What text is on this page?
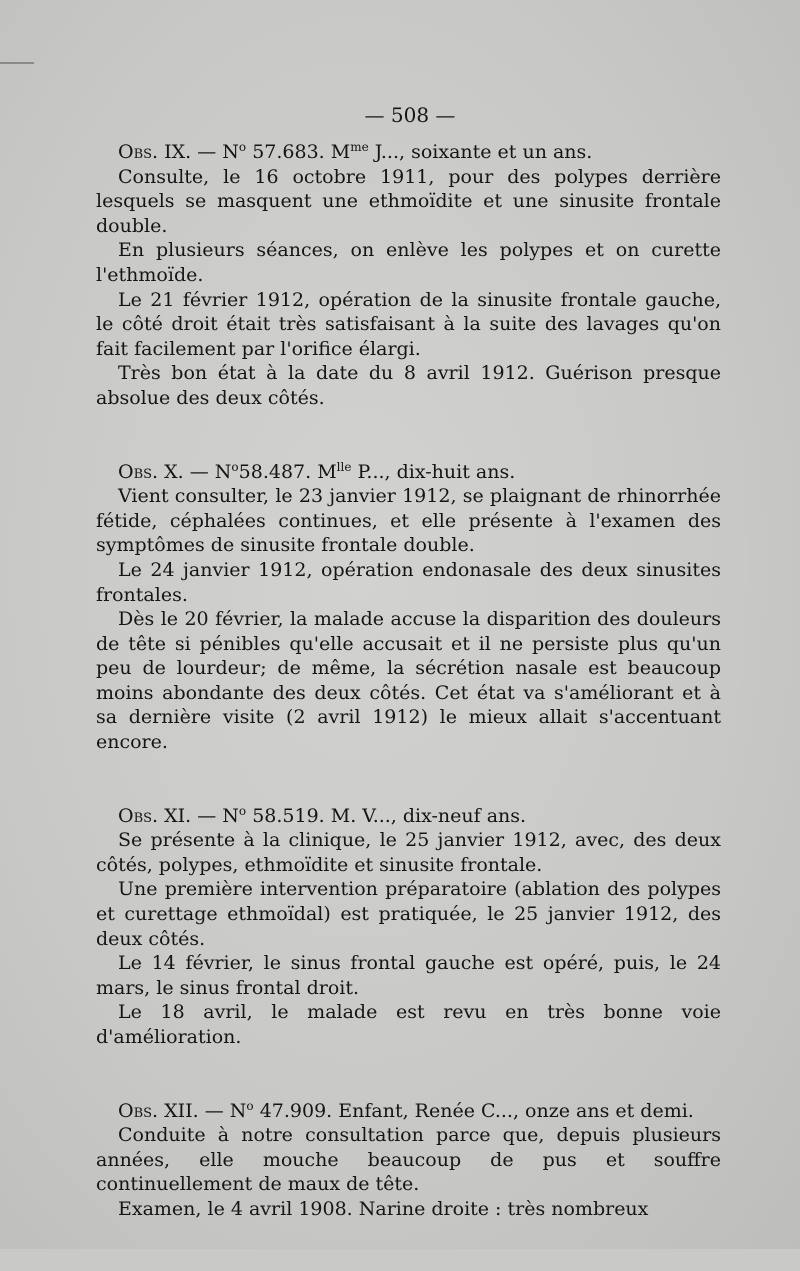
— 508 —

Obs. IX. — $N^o$ 57.683. $M^{me}$ J..., soixante et un ans.

Consulte, le 16 octobre 1911, pour des polypes derrière lesquels se masquent une ethmoïdite et une sinusite frontale double.

En plusieurs séances, on enlève les polypes et on curette l'ethmoïde.

Le 21 février 1912, opération de la sinusite frontale gauche, le côté droit était très satisfaisant à la suite des lavages qu'on fait facilement par l'orifice élargi.

Très bon état à la date du 8 avril 1912. Guérison presque absolue des deux côtés.

Obs. X. — $N^o58.487$. $M^{lle}$ P..., dix-huit ans.

Vient consulter, le 23 janvier 1912, se plaignant de rhinorrhée fétide, céphalées continues, et elle présente à l'examen des symptômes de sinusite frontale double.

Le 24 janvier 1912, opération endonasale des deux sinusites frontales.

Dès le 20 février, la malade accuse la disparition des douleurs de tête si pénibles qu'elle accusait et il ne persiste plus qu'un peu de lourdeur; de même, la sécrétion nasale est beaucoup moins abondante des deux côtés. Cet état va s'améliorant et à sa dernière visite (2 avril 1912) le mieux allait s'accentuant encore.

Obs. XI. — $N^o$ 58.519. M. V..., dix-neuf ans.

Se présente à la clinique, le 25 janvier 1912, avec, des deux côtés, polypes, ethmoïdite et sinusite frontale.

Une première intervention préparatoire (ablation des polypes et curettage ethmoïdal) est pratiquée, le 25 janvier 1912, des deux côtés.

Le 14 février, le sinus frontal gauche est opéré, puis, le 24 mars, le sinus frontal droit.

Le 18 avril, le malade est revu en très bonne voie d'amélioration.

Obs. XII. — $N^o$ 47.909. Enfant, Renée C..., onze ans et demi.

Conduite à notre consultation parce que, depuis plusieurs années, elle mouche beaucoup de pus et souffre continuellement de maux de tête.

Examen, le 4 avril 1908. Narine droite : très nombreux
